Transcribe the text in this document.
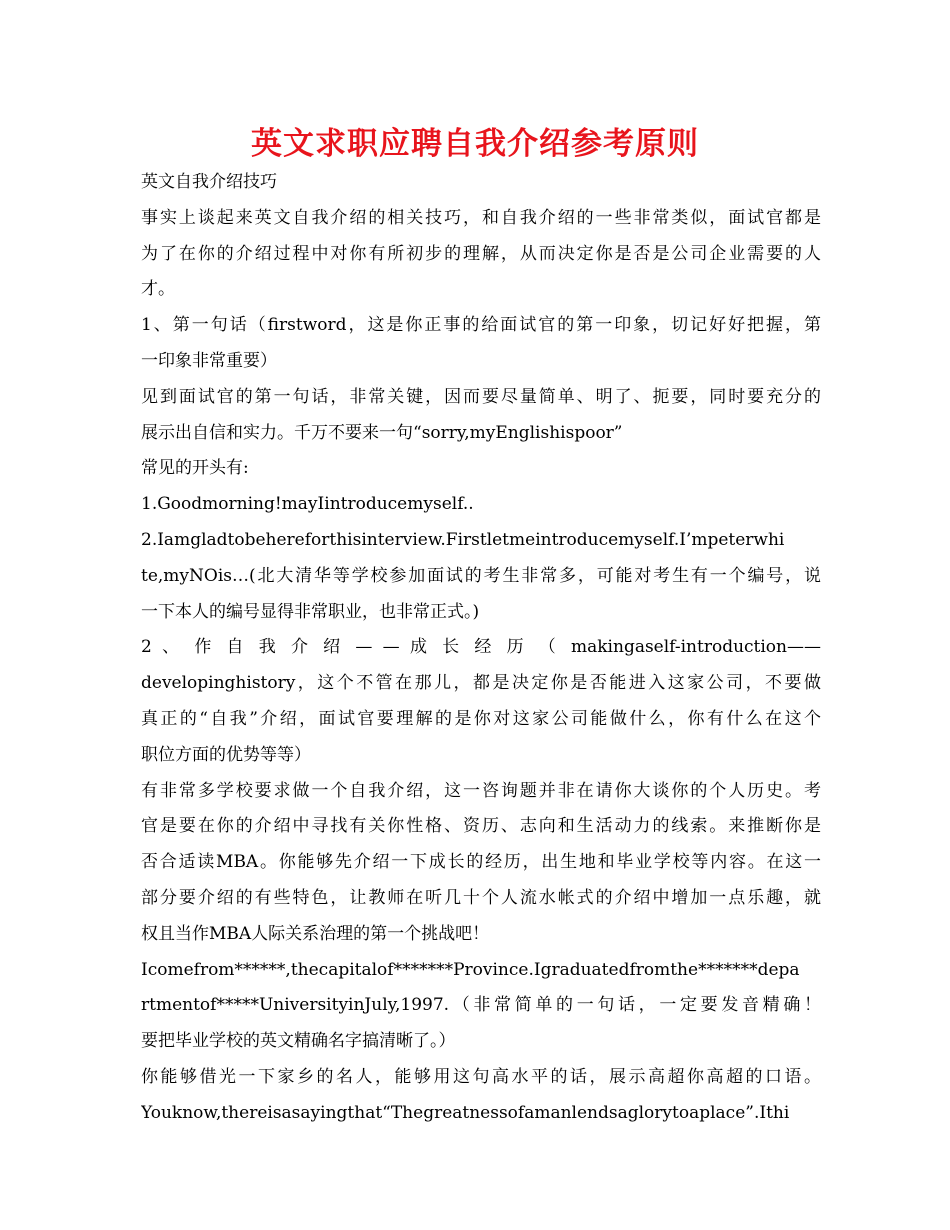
英文求职应聘自我介绍参考原则
英文自我介绍技巧
事实上谈起来英文自我介绍的相关技巧，和自我介绍的一些非常类似，面试官都是
为了在你的介绍过程中对你有所初步的理解，从而决定你是否是公司企业需要的人
才。
1、第一句话（firstword，这是你正事的给面试官的第一印象，切记好好把握，第
一印象非常重要）
见到面试官的第一句话，非常关键，因而要尽量简单、明了、扼要，同时要充分的
展示出自信和实力。千万不要来一句“sorry,myEnglishispoor”
常见的开头有:
1.Goodmorning!mayIintroducemyself..
2.Iamgladtobehereforthisinterview.Firstletmeintroducemyself.I’mpeterwhi
te,myNOis…(北大清华等学校参加面试的考生非常多，可能对考生有一个编号，说
一下本人的编号显得非常职业，也非常正式。)
2 、 作 自 我 介 绍 — — 成 长 经 历 （ makingaself-introduction——
developinghistory，这个不管在那儿，都是决定你是否能进入这家公司，不要做
真正的“自我”介绍，面试官要理解的是你对这家公司能做什么，你有什么在这个
职位方面的优势等等）
有非常多学校要求做一个自我介绍，这一咨询题并非在请你大谈你的个人历史。考
官是要在你的介绍中寻找有关你性格、资历、志向和生活动力的线索。来推断你是
否合适读MBA。你能够先介绍一下成长的经历，出生地和毕业学校等内容。在这一
部分要介绍的有些特色，让教师在听几十个人流水帐式的介绍中增加一点乐趣，就
权且当作MBA人际关系治理的第一个挑战吧！
Icomefrom******,thecapitalof*******Province.Igraduatedfromthe*******depa
rtmentof*****UniversityinJuly,1997.（非常简单的一句话，一定要发音精确！
要把毕业学校的英文精确名字搞清晰了。）
你能够借光一下家乡的名人，能够用这句高水平的话，展示高超你高超的口语。
Youknow,thereisasayingthat“Thegreatnessofamanlendsaglorytoaplace”.Ithi
